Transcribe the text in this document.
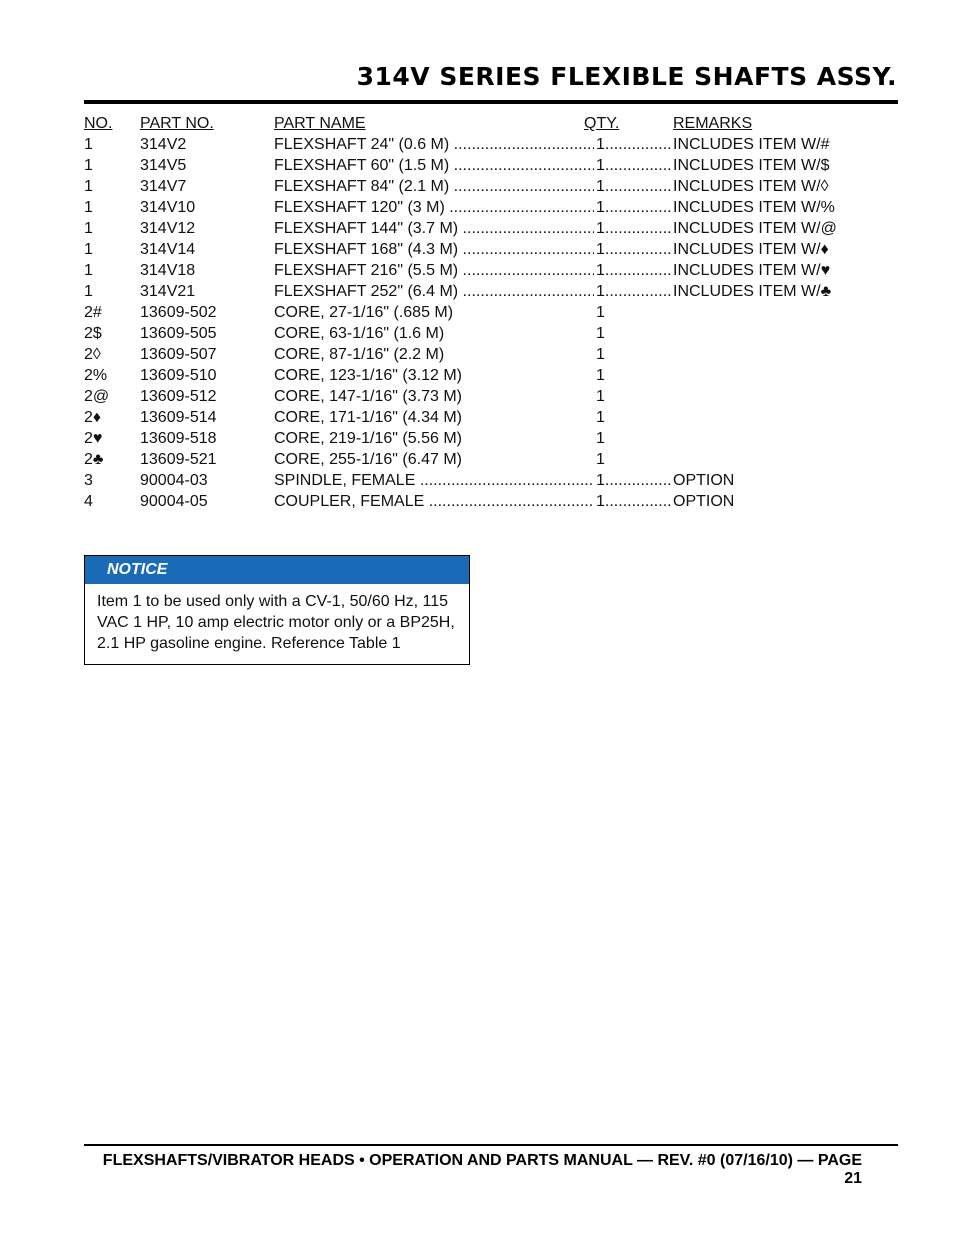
314V SERIES FLEXIBLE SHAFTS ASSY.
NO. PART NO.	PART NAME	QTY.	REMARKS
1	314V2	FLEXSHAFT 24" (0.6 M) .....	1 .....	INCLUDES ITEM W/#
1	314V5	FLEXSHAFT 60" (1.5 M) .....	1 .....	INCLUDES ITEM W/$
1	314V7	FLEXSHAFT 84" (2.1 M) .....	1 .....	INCLUDES ITEM W/◊
1	314V10	FLEXSHAFT 120" (3 M) .....	1 .....	INCLUDES ITEM W/%
1	314V12	FLEXSHAFT 144" (3.7 M) .....	1 .....	INCLUDES ITEM W/@
1	314V14	FLEXSHAFT 168" (4.3 M) .....	1 .....	INCLUDES ITEM W/♦
1	314V18	FLEXSHAFT 216" (5.5 M) .....	1 .....	INCLUDES ITEM W/♥
1	314V21	FLEXSHAFT 252" (6.4 M) .....	1 .....	INCLUDES ITEM W/♣
2# 13609-502	CORE, 27-1/16" (.685 M)	1
2$ 13609-505	CORE, 63-1/16" (1.6 M)	1
2◊ 13609-507	CORE, 87-1/16" (2.2 M)	1
2% 13609-510	CORE, 123-1/16" (3.12 M)	1
2@ 13609-512	CORE, 147-1/16" (3.73 M)	1
2♦ 13609-514	CORE, 171-1/16" (4.34 M)	1
2♥ 13609-518	CORE, 219-1/16" (5.56 M)	1
2♣ 13609-521	CORE, 255-1/16" (6.47 M)	1
3	90004-03	SPINDLE, FEMALE .....	1 .....	OPTION
4	90004-05	COUPLER, FEMALE .....	1 .....	OPTION
NOTICE
Item 1 to be used only with a CV-1, 50/60 Hz, 115 VAC 1 HP, 10 amp electric motor only or a BP25H, 2.1 HP gasoline engine. Reference Table 1
FLEXSHAFTS/VIBRATOR HEADS • OPERATION AND PARTS MANUAL — REV. #0 (07/16/10) — PAGE 21
